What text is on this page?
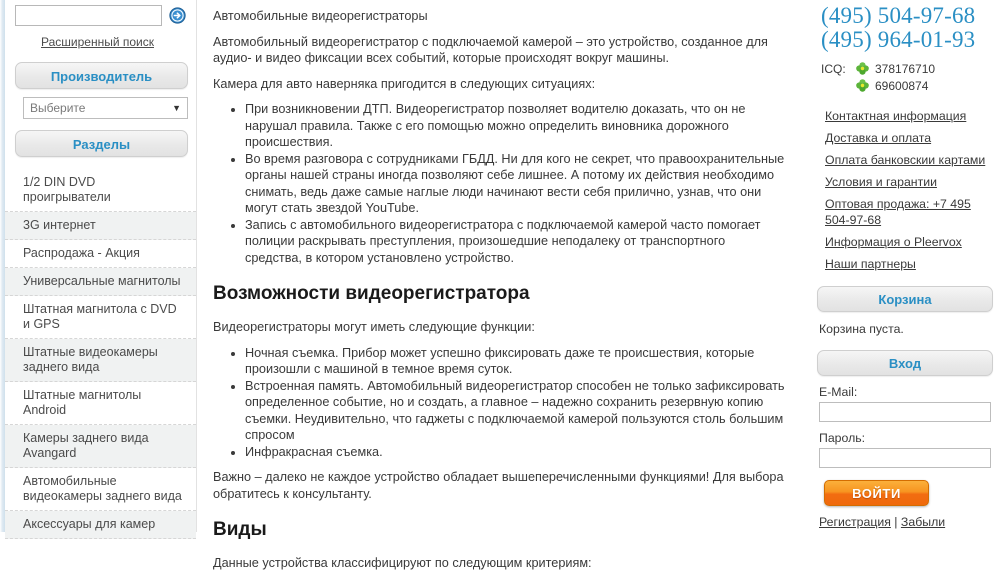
Расширенный поиск
Производитель
Выберите	▼
Разделы
1/2 DIN DVD проигрыватели
3G интернет
Распродажа - Акция
Универсальные магнитолы
Штатная магнитола с DVD и GPS
Штатные видеокамеры заднего вида
Штатные магнитолы Android
Камеры заднего вида Avangard
Автомобильные видеокамеры заднего вида
Аксессуары для камер

Автомобильные видеорегистраторы

Автомобильный видеорегистратор с подключаемой камерой – это устройство, созданное для аудио- и видео фиксации всех событий, которые происходят вокруг машины.

Камера для авто наверняка пригодится в следующих ситуациях:

• При возникновении ДТП. Видеорегистратор позволяет водителю доказать, что он не нарушал правила. Также с его помощью можно определить виновника дорожного происшествия.
• Во время разговора с сотрудниками ГБДД. Ни для кого не секрет, что правоохранительные органы нашей страны иногда позволяют себе лишнее. А потому их действия необходимо снимать, ведь даже самые наглые люди начинают вести себя прилично, узнав, что они могут стать звездой YouTube.
• Запись с автомобильного видеорегистратора с подключаемой камерой часто помогает полиции раскрывать преступления, произошедшие неподалеку от транспортного средства, в котором установлено устройство.
Возможности видеорегистратора

Видеорегистраторы могут иметь следующие функции:

• Ночная съемка. Прибор может успешно фиксировать даже те происшествия, которые произошли с машиной в темное время суток.
• Встроенная память. Автомобильный видеорегистратор способен не только зафиксировать определенное событие, но и создать, а главное – надежно сохранить резервную копию съемки. Неудивительно, что гаджеты с подключаемой камерой пользуются столь большим спросом
• Инфракрасная съемка.

Важно – далеко не каждое устройство обладает вышеперечисленными функциями! Для выбора обратитесь к консультанту.

Виды

Данные устройства классифицируют по следующим критериям:

(495) 504-97-68
(495) 964-01-93
ICQ:	378176710
69600874
Контактная информация
Доставка и оплата
Оплата банковскии картами
Условия и гарантии
Оптовая продажа: +7 495 504-97-68
Информация о Pleervox
Наши партнеры
Корзина
Корзина пуста.
Вход
E-Mail:
Пароль:
ВОЙТИ
Регистрация | Забыли
